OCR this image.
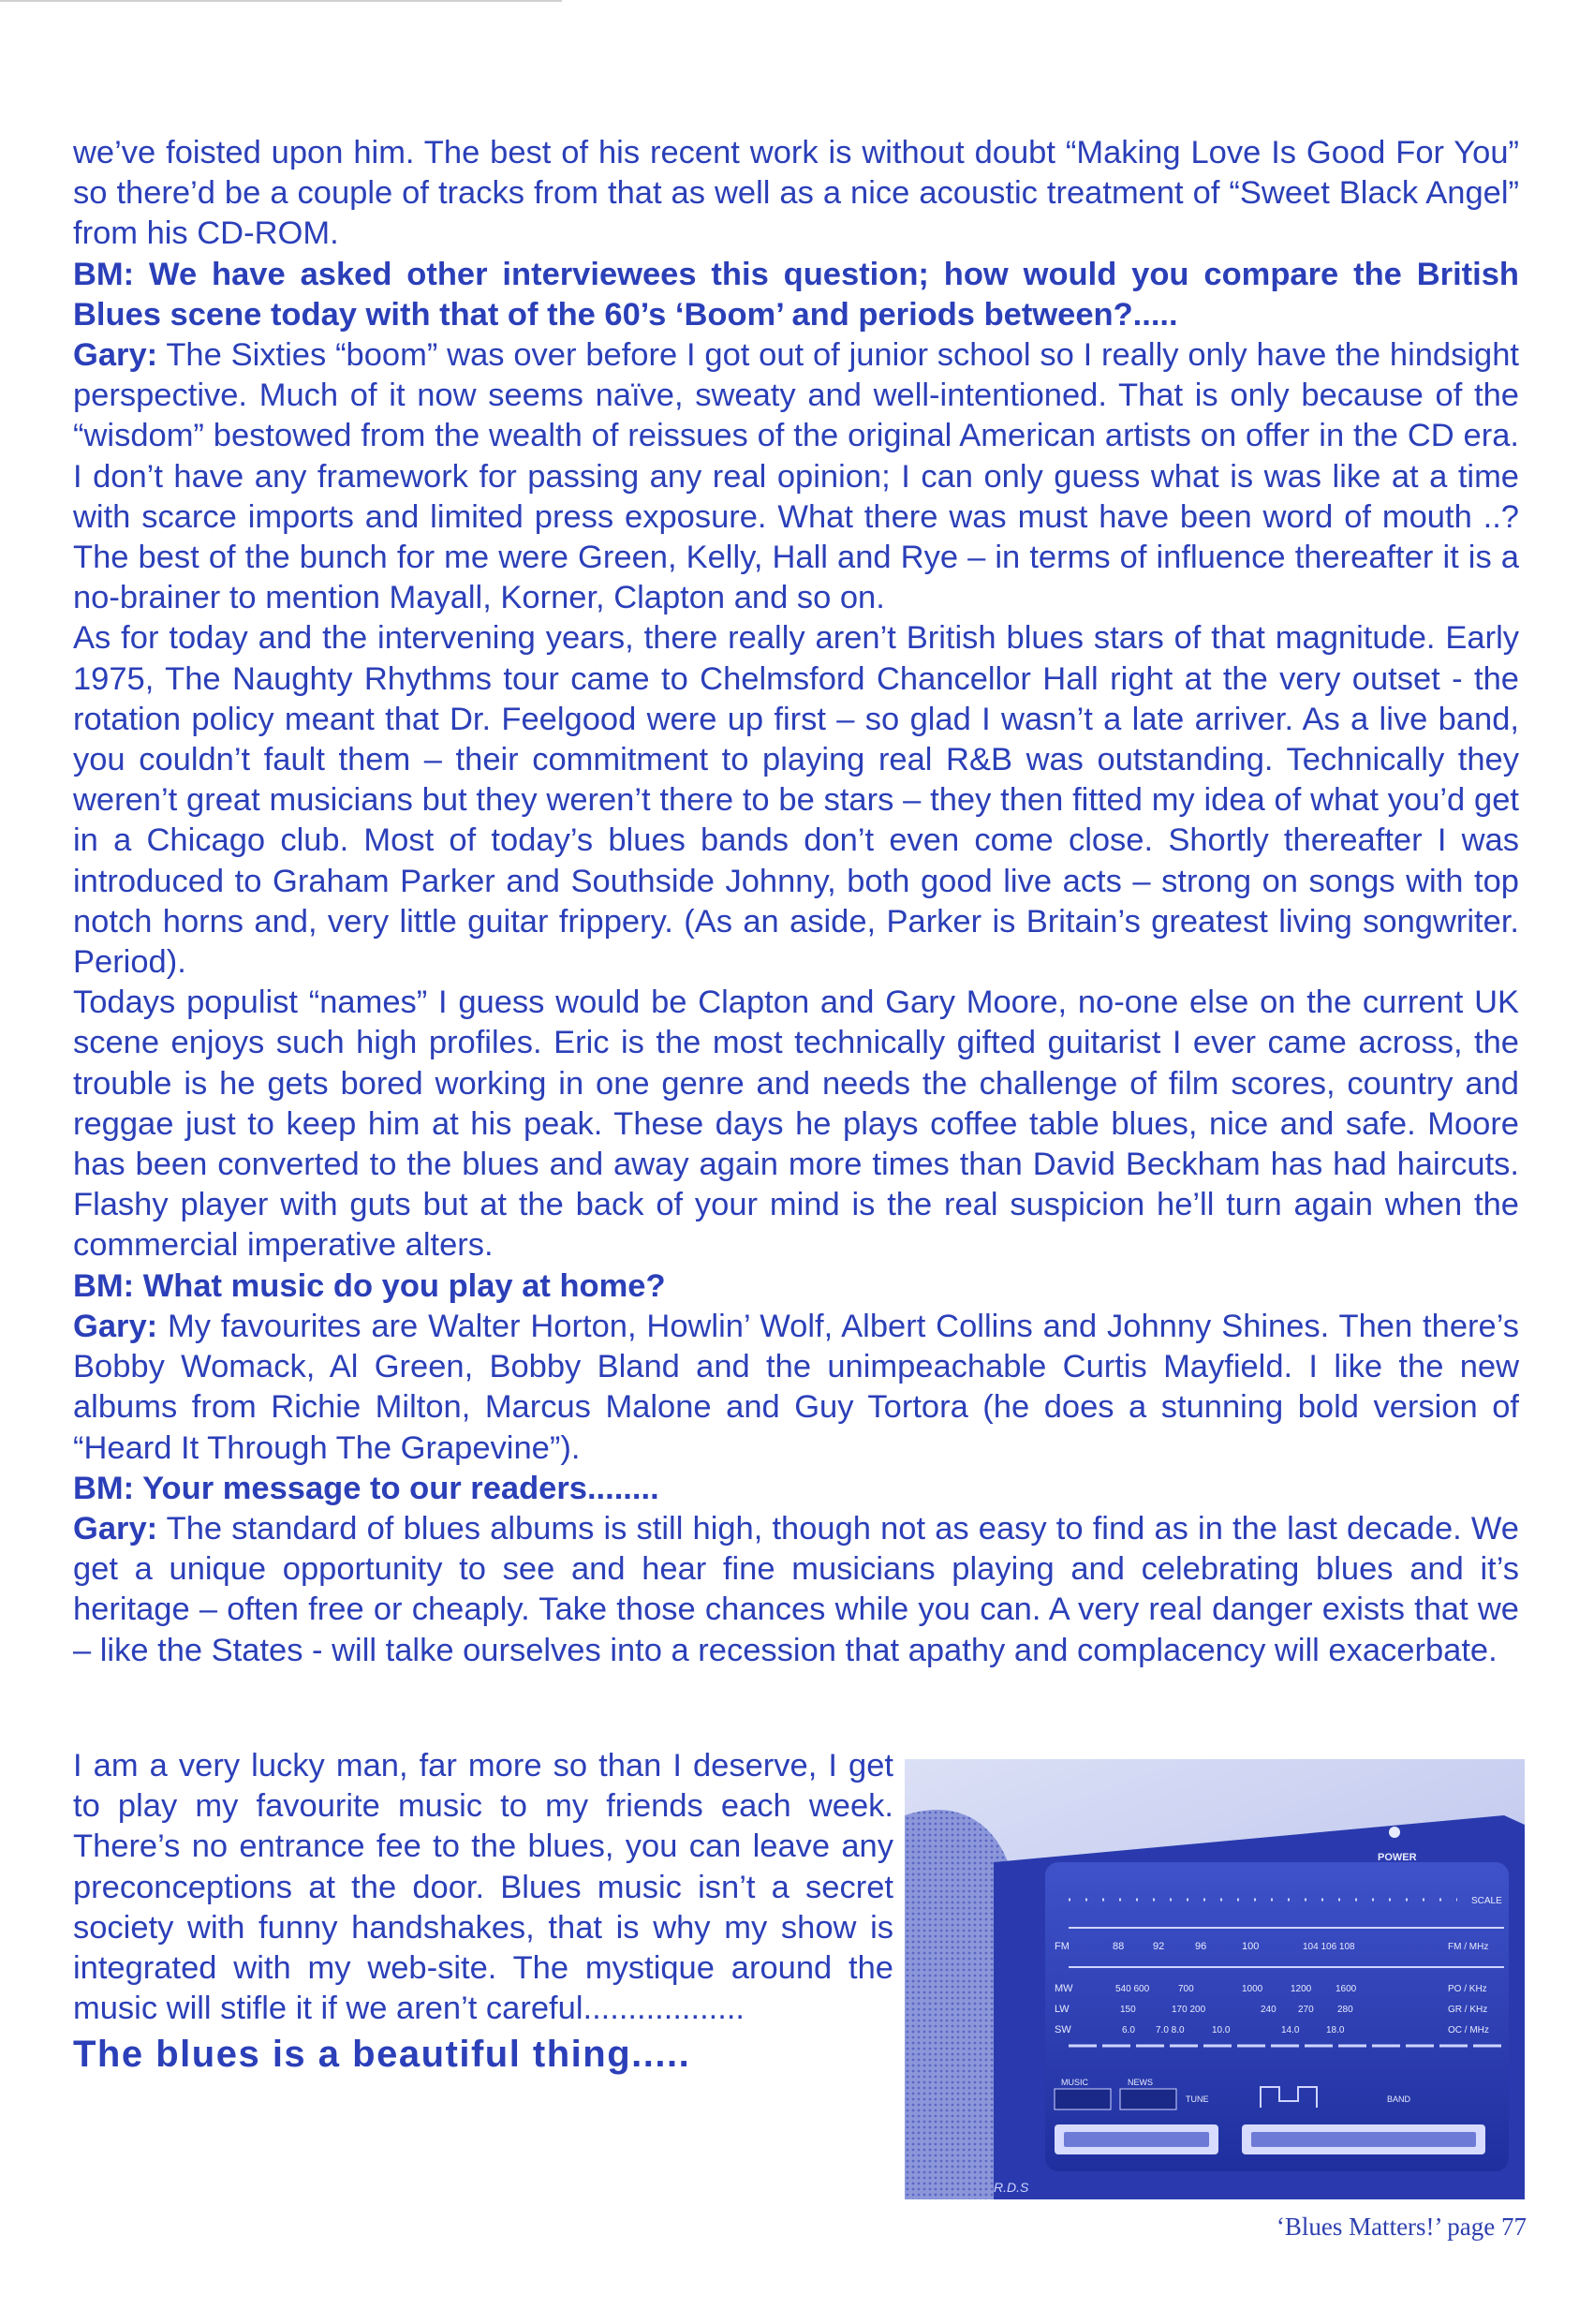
we’ve foisted upon him. The best of his recent work is without doubt “Making Love Is Good For You” so there’d be a couple of tracks from that as well as a nice acoustic treatment of “Sweet Black Angel” from his CD-ROM.

BM: We have asked other interviewees this question; how would you compare the British Blues scene today with that of the 60’s ‘Boom’ and periods between?.....

Gary: The Sixties “boom” was over before I got out of junior school so I really only have the hindsight perspective. Much of it now seems naïve, sweaty and well-intentioned. That is only because of the “wisdom” bestowed from the wealth of reissues of the original American artists on offer in the CD era. I don’t have any framework for passing any real opinion; I can only guess what is was like at a time with scarce imports and limited press exposure. What there was must have been word of mouth ..? The best of the bunch for me were Green, Kelly, Hall and Rye – in terms of influence thereafter it is a no-brainer to mention Mayall, Korner, Clapton and so on.

As for today and the intervening years, there really aren’t British blues stars of that magnitude. Early 1975, The Naughty Rhythms tour came to Chelmsford Chancellor Hall right at the very outset - the rotation policy meant that Dr. Feelgood were up first – so glad I wasn’t a late arriver. As a live band, you couldn’t fault them – their commitment to playing real R&B was outstanding. Technically they weren’t great musicians but they weren’t there to be stars – they then fitted my idea of what you’d get in a Chicago club. Most of today’s blues bands don’t even come close. Shortly thereafter I was introduced to Graham Parker and Southside Johnny, both good live acts – strong on songs with top notch horns and, very little guitar frippery. (As an aside, Parker is Britain’s greatest living songwriter. Period).

Todays populist “names” I guess would be Clapton and Gary Moore, no-one else on the current UK scene enjoys such high profiles. Eric is the most technically gifted guitarist I ever came across, the trouble is he gets bored working in one genre and needs the challenge of film scores, country and reggae just to keep him at his peak. These days he plays coffee table blues, nice and safe. Moore has been converted to the blues and away again more times than David Beckham has had haircuts. Flashy player with guts but at the back of your mind is the real suspicion he’ll turn again when the commercial imperative alters.

BM: What music do you play at home?

Gary: My favourites are Walter Horton, Howlin’ Wolf, Albert Collins and Johnny Shines. Then there’s Bobby Womack, Al Green, Bobby Bland and the unimpeachable Curtis Mayfield. I like the new albums from Richie Milton, Marcus Malone and Guy Tortora (he does a stunning bold version of “Heard It Through The Grapevine”).

BM: Your message to our readers........

Gary: The standard of blues albums is still high, though not as easy to find as in the last decade. We get a unique opportunity to see and hear fine musicians playing and celebrating blues and it’s heritage – often free or cheaply. Take those chances while you can. A very real danger exists that we – like the States - will talke ourselves into a recession that apathy and complacency will exacerbate.

I am a very lucky man, far more so than I deserve, I get to play my favourite music to my friends each week. There’s no entrance fee to the blues, you can leave any preconceptions at the door. Blues music isn’t a secret society with funny handshakes, that is why my show is integrated with my web-site. The mystique around the music will stifle it if we aren’t careful..................

The blues is a beautiful thing.....

POWER
SCALE
FM	88	92	96	100	104 106 108	FM / MHz
MW	540 600	700	1000	1200	1600	PO / KHz
LW	150	170 200	240 270	280	GR / KHz
SW	6.0 7.0 8.0	10.0	14.0	18.0	OC / MHz
MUSIC	NEWS
TUNE	BAND
R.D.S
‘Blues Matters!’ page 77
